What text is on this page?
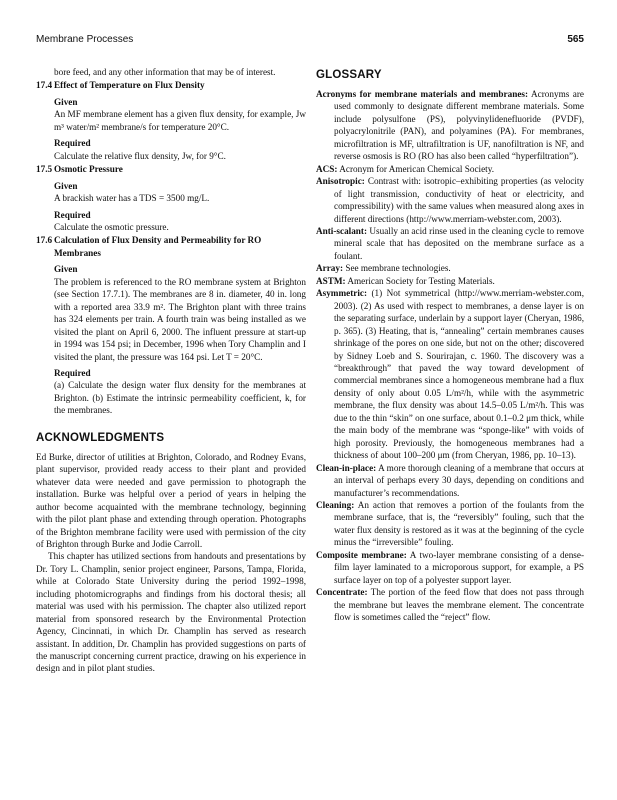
Membrane Processes	565

bore feed, and any other information that may be of interest.

17.4 Effect of Temperature on Flux Density
Given

An MF membrane element has a given flux density, for example, Jw m³ water/m² membrane/s for temperature 20°C.

Required

Calculate the relative flux density, Jw, for 9°C.

17.5 Osmotic Pressure
Given

A brackish water has a TDS = 3500 mg/L.

Required

Calculate the osmotic pressure.

17.6 Calculation of Flux Density and Permeability for RO Membranes
Given

The problem is referenced to the RO membrane system at Brighton (see Section 17.7.1). The membranes are 8 in. diameter, 40 in. long with a reported area 33.9 m². The Brighton plant with three trains has 324 elements per train. A fourth train was being installed as we visited the plant on April 6, 2000. The influent pressure at start-up in 1994 was 154 psi; in December, 1996 when Tory Champlin and I visited the plant, the pressure was 164 psi. Let T = 20°C.

Required

(a) Calculate the design water flux density for the membranes at Brighton. (b) Estimate the intrinsic permeability coefficient, k, for the membranes.

ACKNOWLEDGMENTS

Ed Burke, director of utilities at Brighton, Colorado, and Rodney Evans, plant supervisor, provided ready access to their plant and provided whatever data were needed and gave permission to photograph the installation. Burke was helpful over a period of years in helping the author become acquainted with the membrane technology, beginning with the pilot plant phase and extending through operation. Photographs of the Brighton membrane facility were used with permission of the city of Brighton through Burke and Jodie Carroll.

This chapter has utilized sections from handouts and presentations by Dr. Tory L. Champlin, senior project engineer, Parsons, Tampa, Florida, while at Colorado State University during the period 1992–1998, including photomicrographs and findings from his doctoral thesis; all material was used with his permission. The chapter also utilized report material from sponsored research by the Environmental Protection Agency, Cincinnati, in which Dr. Champlin has served as research assistant. In addition, Dr. Champlin has provided suggestions on parts of the manuscript concerning current practice, drawing on his experience in design and in pilot plant studies.

GLOSSARY

Acronyms for membrane materials and membranes: Acronyms are used commonly to designate different membrane materials. Some include polysulfone (PS), polyvinylidenefluoride (PVDF), polyacrylonitrile (PAN), and polyamines (PA). For membranes, microfiltration is MF, ultrafiltration is UF, nanofiltration is NF, and reverse osmosis is RO (RO has also been called “hyperfiltration”).

ACS: Acronym for American Chemical Society.

Anisotropic: Contrast with: isotropic–exhibiting properties (as velocity of light transmission, conductivity of heat or electricity, and compressibility) with the same values when measured along axes in different directions (http://www.merriam-webster.com, 2003).

Anti-scalant: Usually an acid rinse used in the cleaning cycle to remove mineral scale that has deposited on the membrane surface as a foulant.

Array: See membrane technologies.

ASTM: American Society for Testing Materials.

Asymmetric: (1) Not symmetrical (http://www.merriam-webster.com, 2003). (2) As used with respect to membranes, a dense layer is on the separating surface, underlain by a support layer (Cheryan, 1986, p. 365). (3) Heating, that is, “annealing” certain membranes causes shrinkage of the pores on one side, but not on the other; discovered by Sidney Loeb and S. Sourirajan, c. 1960. The discovery was a “breakthrough” that paved the way toward development of commercial membranes since a homogeneous membrane had a flux density of only about 0.05 L/m²/h, while with the asymmetric membrane, the flux density was about 14.5–0.05 L/m²/h. This was due to the thin “skin” on one surface, about 0.1–0.2 μm thick, while the main body of the membrane was “sponge-like” with voids of high porosity. Previously, the homogeneous membranes had a thickness of about 100–200 μm (from Cheryan, 1986, pp. 10–13).

Clean-in-place: A more thorough cleaning of a membrane that occurs at an interval of perhaps every 30 days, depending on conditions and manufacturer’s recommendations.

Cleaning: An action that removes a portion of the foulants from the membrane surface, that is, the “reversibly” fouling, such that the water flux density is restored as it was at the beginning of the cycle minus the “irreversible” fouling.

Composite membrane: A two-layer membrane consisting of a dense-film layer laminated to a microporous support, for example, a PS surface layer on top of a polyester support layer.

Concentrate: The portion of the feed flow that does not pass through the membrane but leaves the membrane element. The concentrate flow is sometimes called the “reject” flow.
